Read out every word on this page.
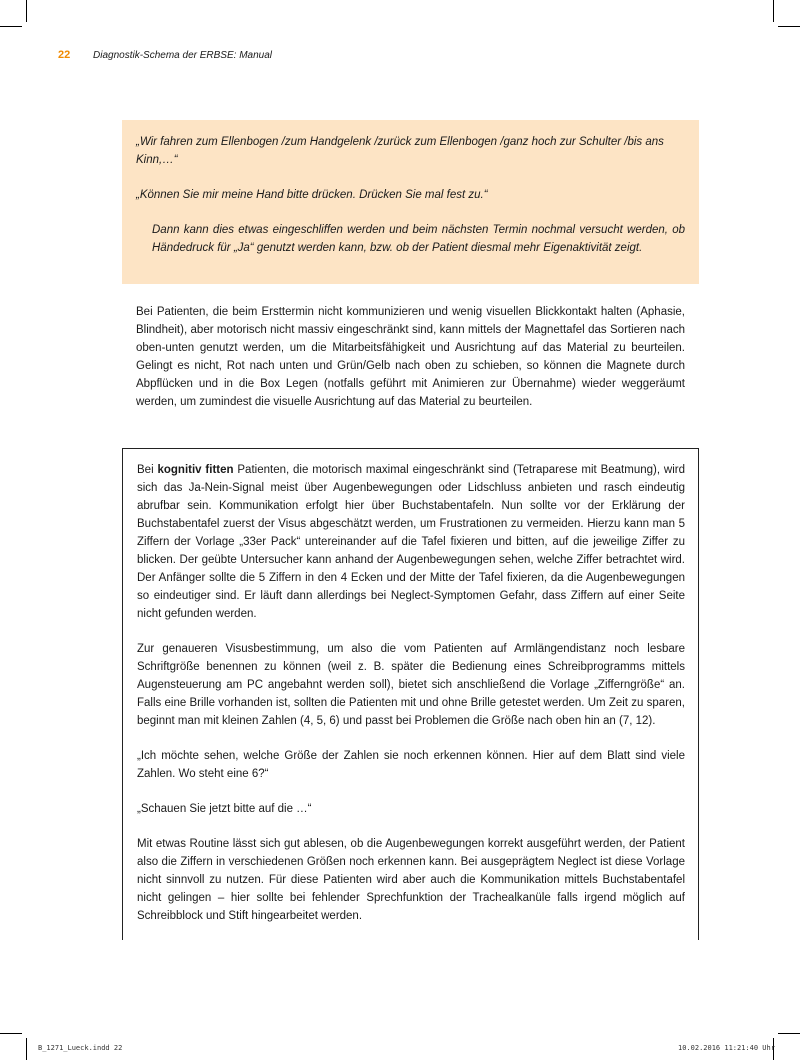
22 Diagnostik-Schema der ERBSE: Manual

„Wir fahren zum Ellenbogen /zum Handgelenk /zurück zum Ellenbogen /ganz hoch zur Schulter /bis ans Kinn,…“

„Können Sie mir meine Hand bitte drücken. Drücken Sie mal fest zu.“

Dann kann dies etwas eingeschliffen werden und beim nächsten Termin nochmal versucht werden, ob Händedruck für „Ja“ genutzt werden kann, bzw. ob der Patient diesmal mehr Eigenaktivität zeigt.

Bei Patienten, die beim Ersttermin nicht kommunizieren und wenig visuellen Blickkontakt halten (Aphasie, Blindheit), aber motorisch nicht massiv eingeschränkt sind, kann mittels der Magnettafel das Sortieren nach oben-unten genutzt werden, um die Mitarbeitsfähigkeit und Ausrichtung auf das Material zu beurteilen. Gelingt es nicht, Rot nach unten und Grün/Gelb nach oben zu schieben, so können die Magnete durch Abpflücken und in die Box Legen (notfalls geführt mit Animieren zur Übernahme) wieder weggeräumt werden, um zumindest die visuelle Ausrichtung auf das Material zu beurteilen.

Bei kognitiv fitten Patienten, die motorisch maximal eingeschränkt sind (Tetraparese mit Beatmung), wird sich das Ja-Nein-Signal meist über Augenbewegungen oder Lidschluss anbieten und rasch eindeutig abrufbar sein. Kommunikation erfolgt hier über Buchstabentafeln. Nun sollte vor der Erklärung der Buchstabentafel zuerst der Visus abgeschätzt werden, um Frustrationen zu vermeiden. Hierzu kann man 5 Ziffern der Vorlage „33er Pack“ untereinander auf die Tafel fixieren und bitten, auf die jeweilige Ziffer zu blicken. Der geübte Untersucher kann anhand der Augenbewegungen sehen, welche Ziffer betrachtet wird. Der Anfänger sollte die 5 Ziffern in den 4 Ecken und der Mitte der Tafel fixieren, da die Augenbewegungen so eindeutiger sind. Er läuft dann allerdings bei Neglect-Symptomen Gefahr, dass Ziffern auf einer Seite nicht gefunden werden.

Zur genaueren Visusbestimmung, um also die vom Patienten auf Armlängendistanz noch lesbare Schriftgröße benennen zu können (weil z. B. später die Bedienung eines Schreibprogramms mittels Augensteuerung am PC angebahnt werden soll), bietet sich anschließend die Vorlage „Zifferngröße“ an. Falls eine Brille vorhanden ist, sollten die Patienten mit und ohne Brille getestet werden. Um Zeit zu sparen, beginnt man mit kleinen Zahlen (4, 5, 6) und passt bei Problemen die Größe nach oben hin an (7, 12).

„Ich möchte sehen, welche Größe der Zahlen sie noch erkennen können. Hier auf dem Blatt sind viele Zahlen. Wo steht eine 6?“

„Schauen Sie jetzt bitte auf die …“

Mit etwas Routine lässt sich gut ablesen, ob die Augenbewegungen korrekt ausgeführt werden, der Patient also die Ziffern in verschiedenen Größen noch erkennen kann. Bei ausgeprägtem Neglect ist diese Vorlage nicht sinnvoll zu nutzen. Für diese Patienten wird aber auch die Kommunikation mittels Buchstabentafel nicht gelingen – hier sollte bei fehlender Sprechfunktion der Trachealkanüle falls irgend möglich auf Schreibblock und Stift hingearbeitet werden.

B_1271_Lueck.indd 22	10.02.2016 11:21:40 Uhr
